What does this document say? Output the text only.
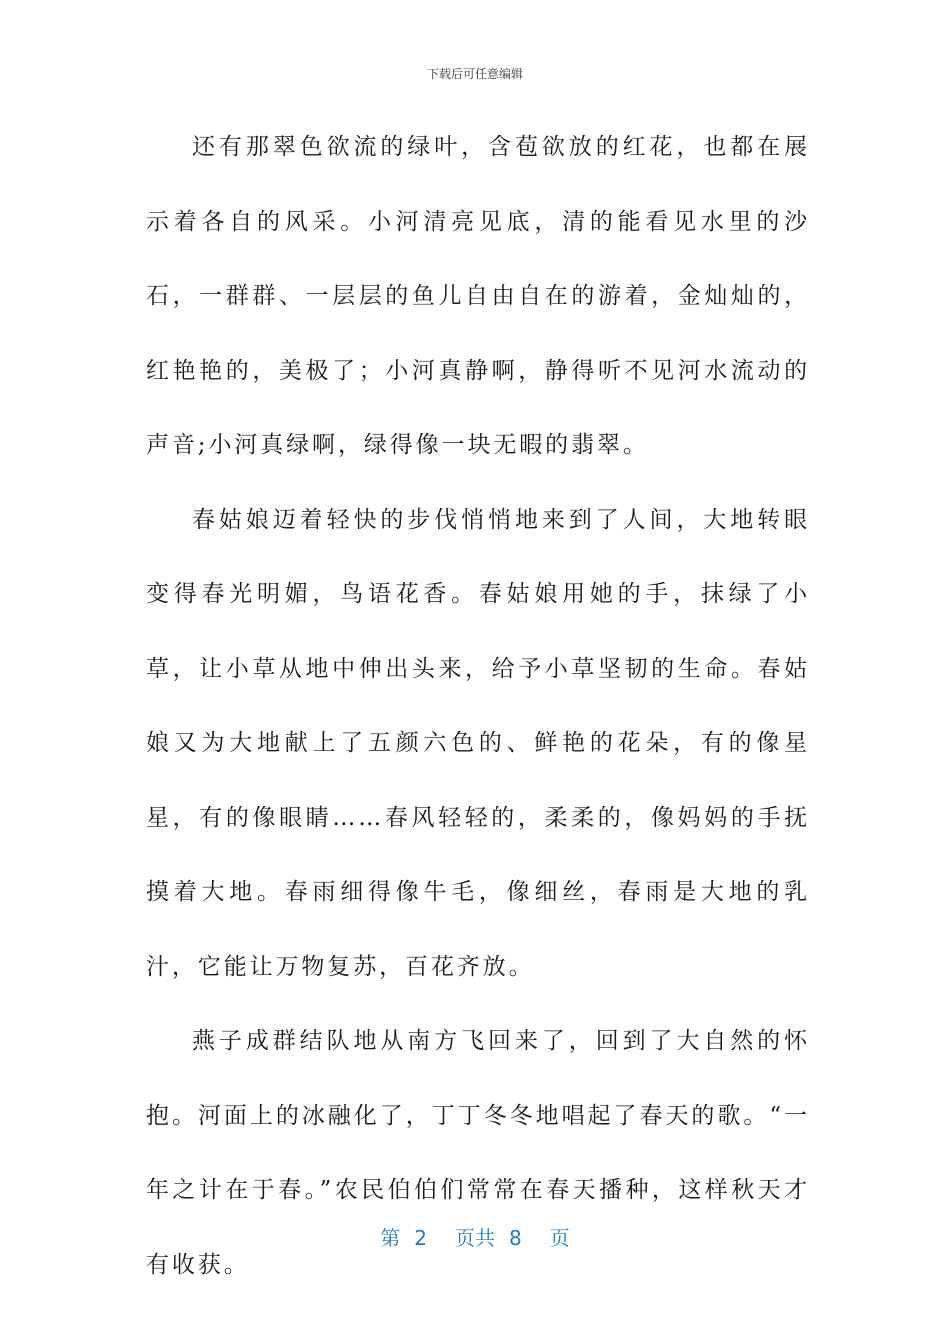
下载后可任意编辑

还有那翠色欲流的绿叶，含苞欲放的红花，也都在展示着各自的风采。小河清亮见底，清的能看见水里的沙石，一群群、一层层的鱼儿自由自在的游着，金灿灿的，红艳艳的，美极了；小河真静啊，静得听不见河水流动的声音;小河真绿啊，绿得像一块无暇的翡翠。

春姑娘迈着轻快的步伐悄悄地来到了人间，大地转眼变得春光明媚，鸟语花香。春姑娘用她的手，抹绿了小草，让小草从地中伸出头来，给予小草坚韧的生命。春姑娘又为大地献上了五颜六色的、鲜艳的花朵，有的像星星，有的像眼睛……春风轻轻的，柔柔的，像妈妈的手抚摸着大地。春雨细得像牛毛，像细丝，春雨是大地的乳汁，它能让万物复苏，百花齐放。

燕子成群结队地从南方飞回来了，回到了大自然的怀抱。河面上的冰融化了，丁丁冬冬地唱起了春天的歌。“一年之计在于春。”农民伯伯们常常在春天播种，这样秋天才有收获。

第 2 页共 8 页
